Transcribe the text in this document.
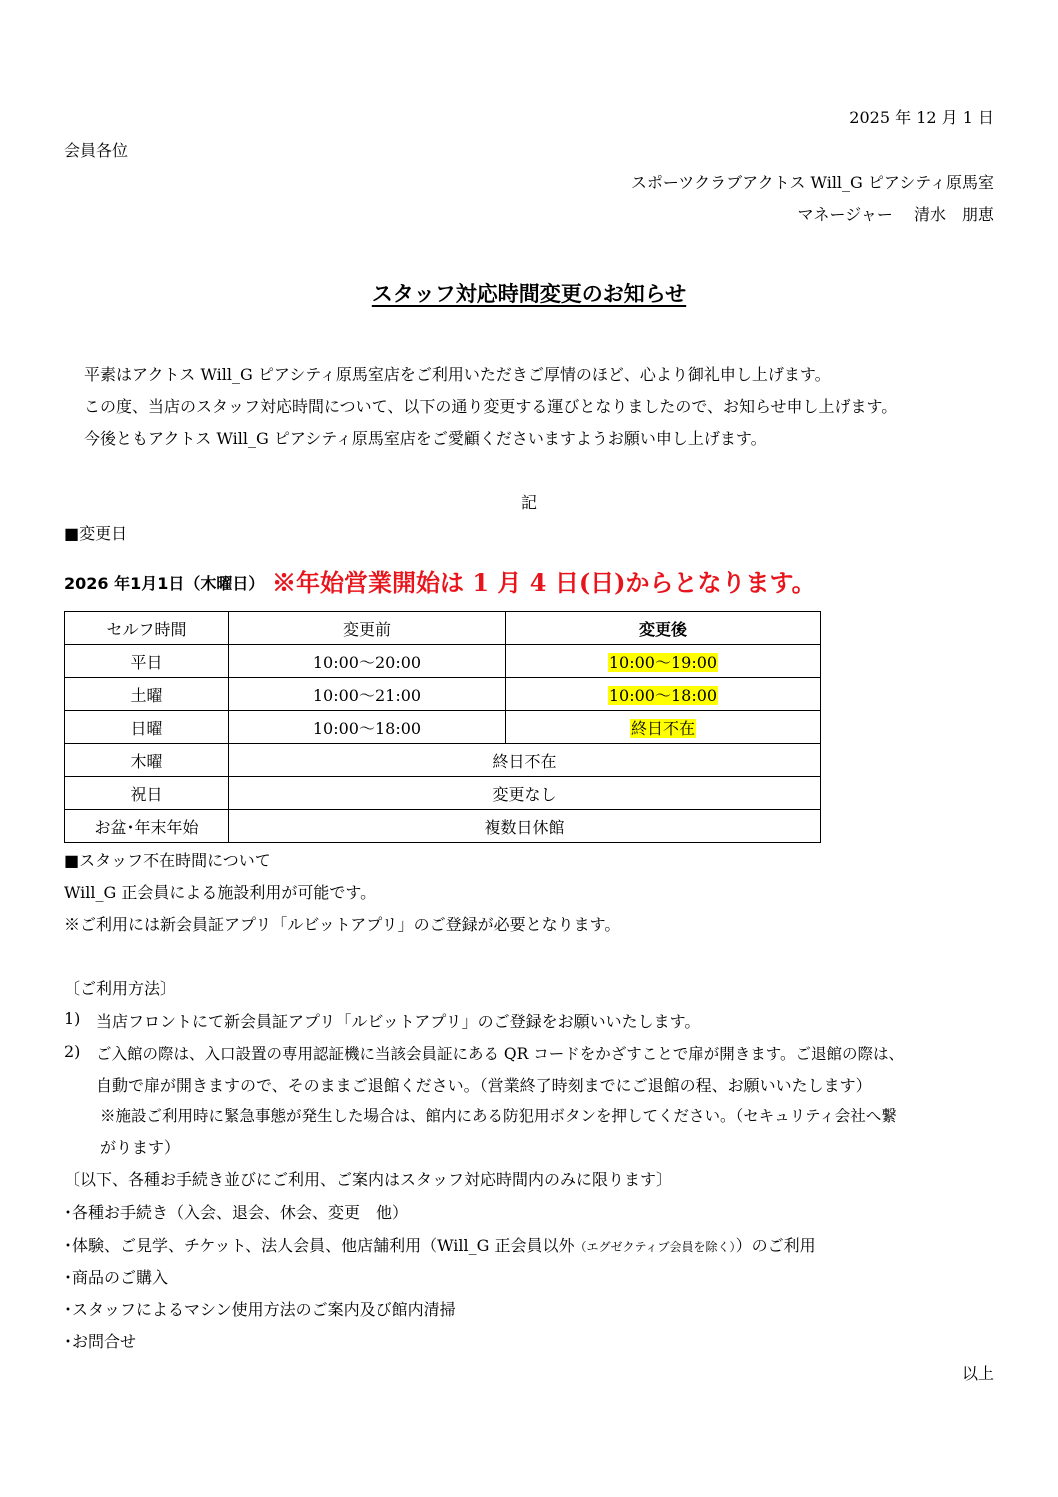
2025 年 12 月 1 日
会員各位
スポーツクラブアクトス Will_G ピアシティ原馬室
マネージャー　 清水　朋恵
スタッフ対応時間変更のお知らせ
平素はアクトス Will_G ピアシティ原馬室店をご利用いただきご厚情のほど、心より御礼申し上げます。
この度、当店のスタッフ対応時間について、以下の通り変更する運びとなりましたので、お知らせ申し上げます。
今後ともアクトス Will_G ピアシティ原馬室店をご愛顧くださいますようお願い申し上げます。
記
■変更日
2026 年1月1日（木曜日） ※年始営業開始は 1 月 4 日(日)からとなります。
セルフ時間	変更前	変更後
平日	10:00～20:00	10:00～19:00
土曜	10:00～21:00	10:00～18:00
日曜	10:00～18:00	終日不在
木曜	終日不在	
祝日	変更なし	
お盆･年末年始	複数日休館	
■スタッフ不在時間について
Will_G 正会員による施設利用が可能です。
※ご利用には新会員証アプリ「ルビットアプリ」のご登録が必要となります。
〔ご利用方法〕
1) 当店フロントにて新会員証アプリ「ルビットアプリ」のご登録をお願いいたします。
2) ご入館の際は、入口設置の専用認証機に当該会員証にある QR コードをかざすことで扉が開きます。ご退館の際は、
自動で扉が開きますので、そのままご退館ください。（営業終了時刻までにご退館の程、お願いいたします）
※施設ご利用時に緊急事態が発生した場合は、館内にある防犯用ボタンを押してください。（セキュリティ会社へ繋
がります）
〔以下、各種お手続き並びにご利用、ご案内はスタッフ対応時間内のみに限ります〕
･各種お手続き（入会、退会、休会、変更　他）
･体験、ご見学、チケット、法人会員、他店舗利用（Will_G 正会員以外（エグゼクティブ会員を除く））のご利用
･商品のご購入
･スタッフによるマシン使用方法のご案内及び館内清掃
･お問合せ
以上
